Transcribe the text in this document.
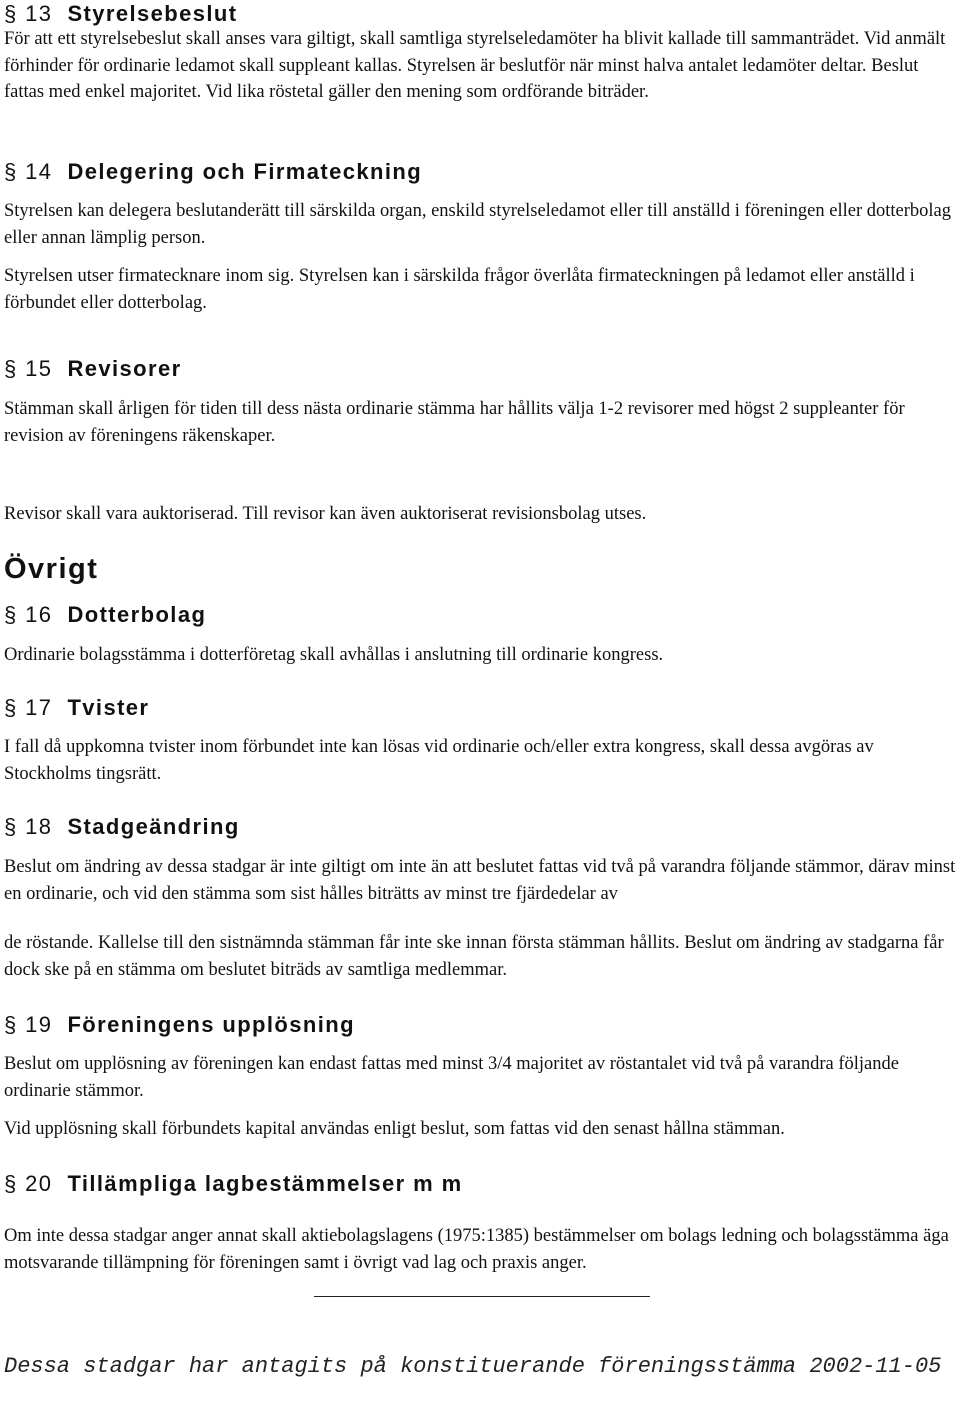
§ 13 Styrelsebeslut
För att ett styrelsebeslut skall anses vara giltigt, skall samtliga styrelseledamöter ha blivit kallade till sammanträdet. Vid anmält förhinder för ordinarie ledamot skall suppleant kallas. Styrelsen är beslutför när minst halva antalet ledamöter deltar. Beslut fattas med enkel majoritet. Vid lika röstetal gäller den mening som ordförande biträder.
§ 14 Delegering och Firmateckning
Styrelsen kan delegera beslutanderätt till särskilda organ, enskild styrelseledamot eller till anställd i föreningen eller dotterbolag eller annan lämplig person.
Styrelsen utser firmatecknare inom sig. Styrelsen kan i särskilda frågor överlåta firmateckningen på ledamot eller anställd i förbundet eller dotterbolag.
§ 15 Revisorer
Stämman skall årligen för tiden till dess nästa ordinarie stämma har hållits välja 1-2 revisorer med högst 2 suppleanter för revision av föreningens räkenskaper.
Revisor skall vara auktoriserad. Till revisor kan även auktoriserat revisionsbolag utses.
Övrigt
§ 16 Dotterbolag
Ordinarie bolagsstämma i dotterföretag skall avhållas i anslutning till ordinarie kongress.
§ 17 Tvister
I fall då uppkomna tvister inom förbundet inte kan lösas vid ordinarie och/eller extra kongress, skall dessa avgöras av Stockholms tingsrätt.
§ 18 Stadgeändring
Beslut om ändring av dessa stadgar är inte giltigt om inte än att beslutet fattas vid två på varandra följande stämmor, därav minst en ordinarie, och vid den stämma som sist hålles biträtts av minst tre fjärdedelar av
de röstande. Kallelse till den sistnämnda stämman får inte ske innan första stämman hållits. Beslut om ändring av stadgarna får dock ske på en stämma om beslutet biträds av samtliga medlemmar.
§ 19 Föreningens upplösning
Beslut om upplösning av föreningen kan endast fattas med minst 3/4 majoritet av röstantalet vid två på varandra följande ordinarie stämmor.
Vid upplösning skall förbundets kapital användas enligt beslut, som fattas vid den senast hållna stämman.
§ 20 Tillämpliga lagbestämmelser m m
Om inte dessa stadgar anger annat skall aktiebolagslagens (1975:1385) bestämmelser om bolags ledning och bolagsstämma äga motsvarande tillämpning för föreningen samt i övrigt vad lag och praxis anger.
Dessa stadgar har antagits på konstituerande föreningsstämma 2002-11-05
